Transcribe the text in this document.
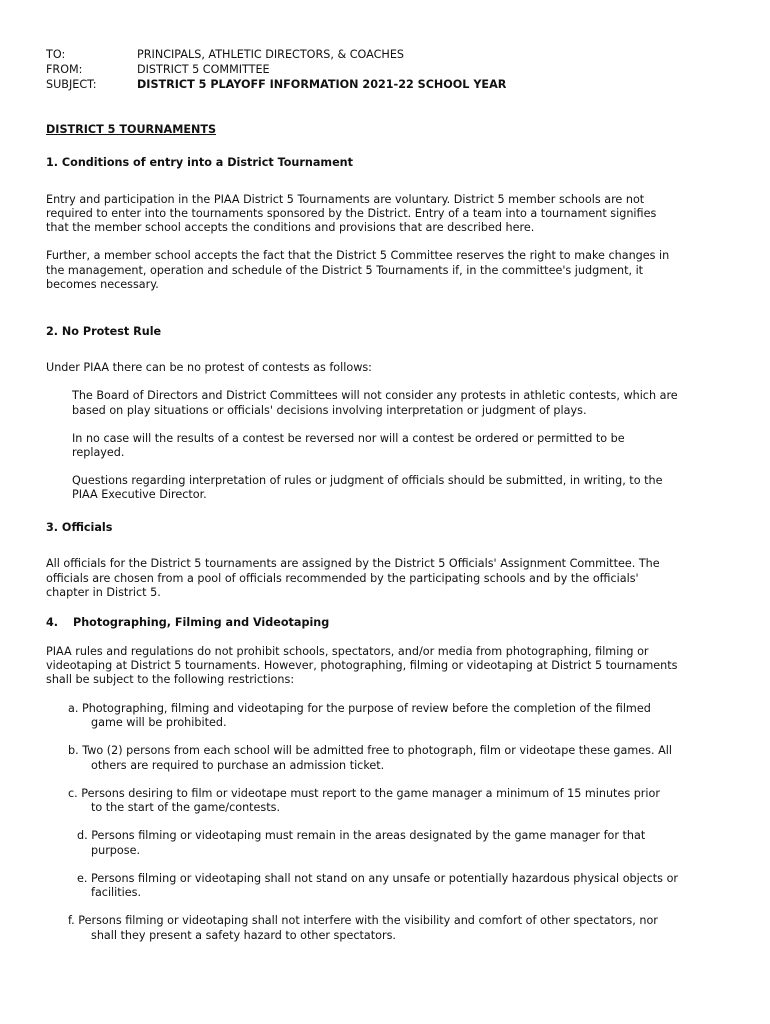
TO:	PRINCIPALS, ATHLETIC DIRECTORS, & COACHES
FROM:	DISTRICT 5 COMMITTEE
SUBJECT:	DISTRICT 5 PLAYOFF INFORMATION 2021-22 SCHOOL YEAR
DISTRICT 5 TOURNAMENTS
1. Conditions of entry into a District Tournament
Entry and participation in the PIAA District 5 Tournaments are voluntary. District 5 member schools are not
required to enter into the tournaments sponsored by the District. Entry of a team into a tournament signifies
that the member school accepts the conditions and provisions that are described here.
Further, a member school accepts the fact that the District 5 Committee reserves the right to make changes in
the management, operation and schedule of the District 5 Tournaments if, in the committee's judgment, it
becomes necessary.
2. No Protest Rule
Under PIAA there can be no protest of contests as follows:
The Board of Directors and District Committees will not consider any protests in athletic contests, which are
based on play situations or officials' decisions involving interpretation or judgment of plays.
In no case will the results of a contest be reversed nor will a contest be ordered or permitted to be
replayed.
Questions regarding interpretation of rules or judgment of officials should be submitted, in writing, to the
PIAA Executive Director.
3. Officials
All officials for the District 5 tournaments are assigned by the District 5 Officials' Assignment Committee. The
officials are chosen from a pool of officials recommended by the participating schools and by the officials'
chapter in District 5.
4. Photographing, Filming and Videotaping
PIAA rules and regulations do not prohibit schools, spectators, and/or media from photographing, filming or
videotaping at District 5 tournaments. However, photographing, filming or videotaping at District 5 tournaments
shall be subject to the following restrictions:
a. Photographing, filming and videotaping for the purpose of review before the completion of the filmed
game will be prohibited.
b. Two (2) persons from each school will be admitted free to photograph, film or videotape these games. All
others are required to purchase an admission ticket.
c. Persons desiring to film or videotape must report to the game manager a minimum of 15 minutes prior
to the start of the game/contests.
d. Persons filming or videotaping must remain in the areas designated by the game manager for that
purpose.
e. Persons filming or videotaping shall not stand on any unsafe or potentially hazardous physical objects or
facilities.
f. Persons filming or videotaping shall not interfere with the visibility and comfort of other spectators, nor
shall they present a safety hazard to other spectators.
